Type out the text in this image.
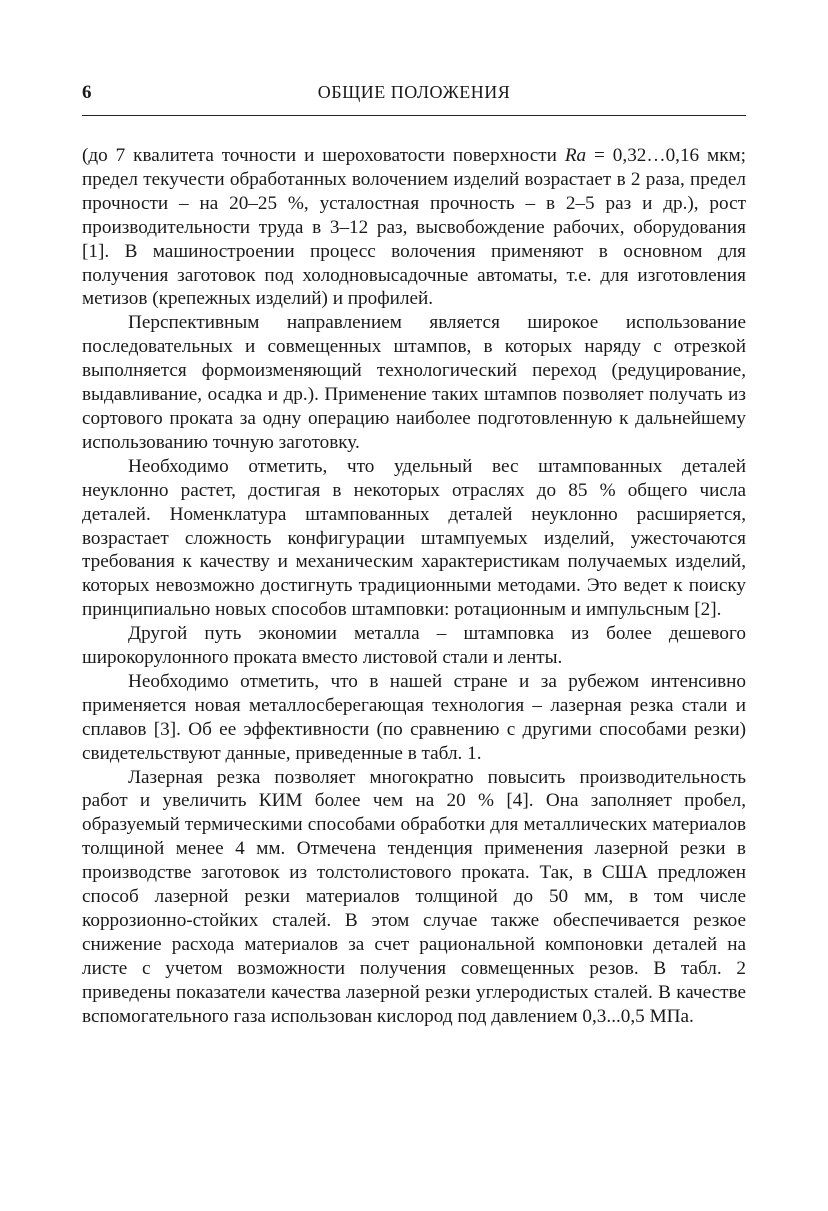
6	ОБЩИЕ ПОЛОЖЕНИЯ

(до 7 квалитета точности и шероховатости поверхности Ra = 0,32…0,16 мкм; предел текучести обработанных волочением изделий возрастает в 2 раза, предел прочности – на 20–25 %, усталостная прочность – в 2–5 раз и др.), рост производительности труда в 3–12 раз, высвобождение рабочих, оборудования [1]. В машиностроении процесс волочения применяют в основном для получения заготовок под холодновысадочные автоматы, т.е. для изготовления метизов (крепежных изделий) и профилей.

Перспективным направлением является широкое использование последовательных и совмещенных штампов, в которых наряду с отрезкой выполняется формоизменяющий технологический переход (редуцирование, выдавливание, осадка и др.). Применение таких штампов позволяет получать из сортового проката за одну операцию наиболее подготовленную к дальнейшему использованию точную заготовку.

Необходимо отметить, что удельный вес штампованных деталей неуклонно растет, достигая в некоторых отраслях до 85 % общего числа деталей. Номенклатура штампованных деталей неуклонно расширяется, возрастает сложность конфигурации штампуемых изделий, ужесточаются требования к качеству и механическим характеристикам получаемых изделий, которых невозможно достигнуть традиционными методами. Это ведет к поиску принципиально новых способов штамповки: ротационным и импульсным [2].

Другой путь экономии металла – штамповка из более дешевого широкорулонного проката вместо листовой стали и ленты.

Необходимо отметить, что в нашей стране и за рубежом интенсивно применяется новая металлосберегающая технология – лазерная резка стали и сплавов [3]. Об ее эффективности (по сравнению с другими способами резки) свидетельствуют данные, приведенные в табл. 1.

Лазерная резка позволяет многократно повысить производительность работ и увеличить КИМ более чем на 20 % [4]. Она заполняет пробел, образуемый термическими способами обработки для металлических материалов толщиной менее 4 мм. Отмечена тенденция применения лазерной резки в производстве заготовок из толстолистового проката. Так, в США предложен способ лазерной резки материалов толщиной до 50 мм, в том числе коррозионно-стойких сталей. В этом случае также обеспечивается резкое снижение расхода материалов за счет рациональной компоновки деталей на листе с учетом возможности получения совмещенных резов. В табл. 2 приведены показатели качества лазерной резки углеродистых сталей. В качестве вспомогательного газа использован кислород под давлением 0,3...0,5 МПа.
